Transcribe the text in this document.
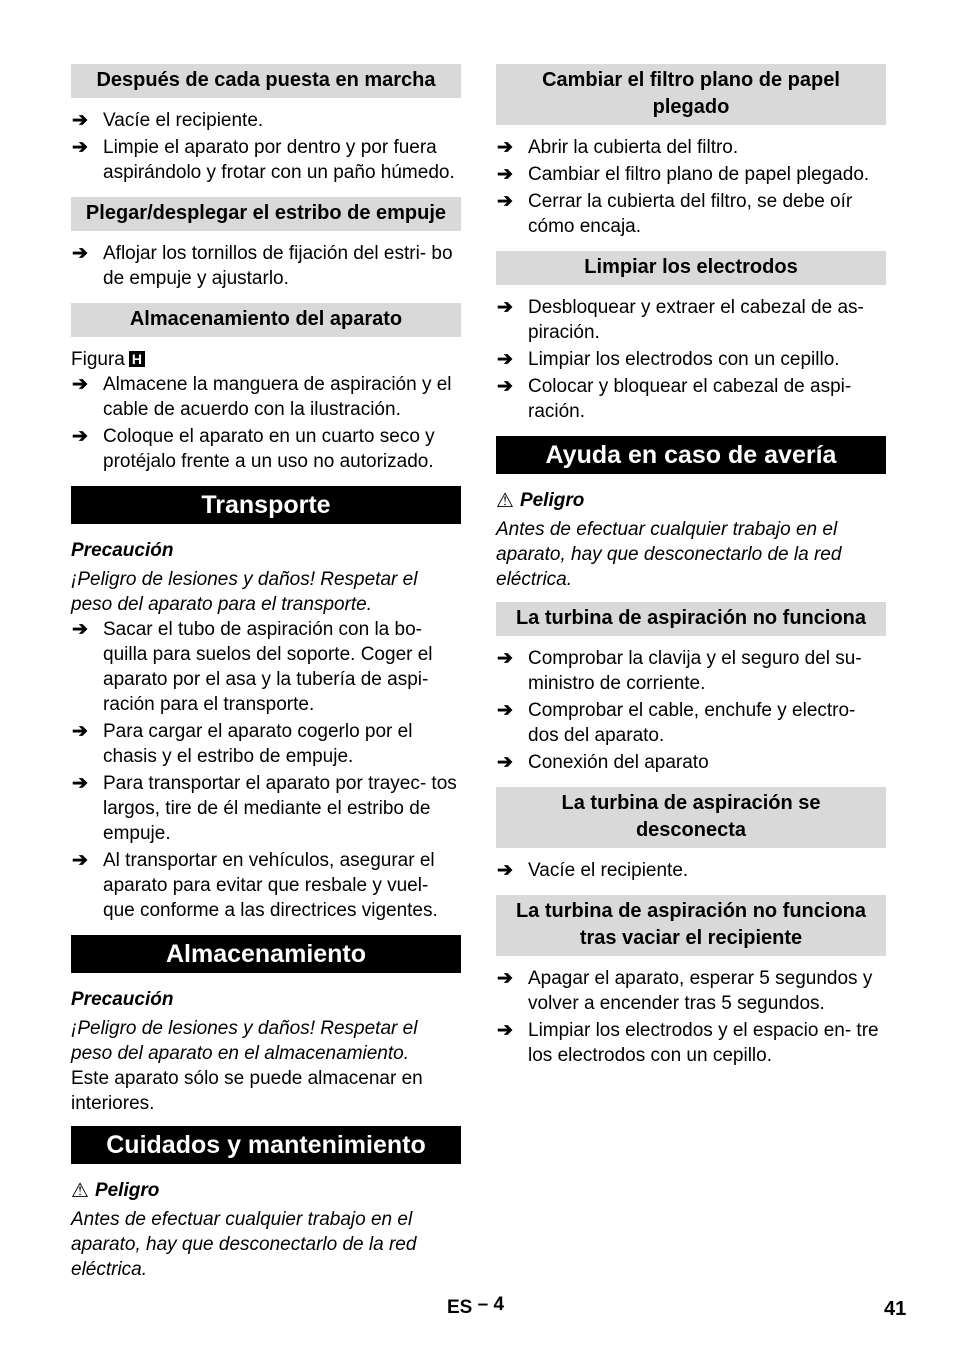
Después de cada puesta en marcha
➔ Vacíe el recipiente.
➔ Limpie el aparato por dentro y por fuera aspirándolo y frotar con un paño húmedo.
Plegar/desplegar el estribo de empuje
➔ Aflojar los tornillos de fijación del estri- bo de empuje y ajustarlo.
Almacenamiento del aparato

Figura H

➔ Almacene la manguera de aspiración y el cable de acuerdo con la ilustración.
➔ Coloque el aparato en un cuarto seco y protéjalo frente a un uso no autorizado.
Transporte

Precaución

¡Peligro de lesiones y daños! Respetar el peso del aparato para el transporte.

➔ Sacar el tubo de aspiración con la bo- quilla para suelos del soporte. Coger el aparato por el asa y la tubería de aspi- ración para el transporte.
➔ Para cargar el aparato cogerlo por el chasis y el estribo de empuje.
➔ Para transportar el aparato por trayec- tos largos, tire de él mediante el estribo de empuje.
➔ Al transportar en vehículos, asegurar el aparato para evitar que resbale y vuel- que conforme a las directrices vigentes.
Almacenamiento

Precaución

¡Peligro de lesiones y daños! Respetar el peso del aparato en el almacenamiento.

Este aparato sólo se puede almacenar en interiores.

Cuidados y mantenimiento

⚠ Peligro

Antes de efectuar cualquier trabajo en el aparato, hay que desconectarlo de la red eléctrica.

Cambiar el filtro plano de papel plegado
➔ Abrir la cubierta del filtro.
➔ Cambiar el filtro plano de papel plegado.
➔ Cerrar la cubierta del filtro, se debe oír cómo encaja.
Limpiar los electrodos
➔ Desbloquear y extraer el cabezal de as- piración.
➔ Limpiar los electrodos con un cepillo.
➔ Colocar y bloquear el cabezal de aspi- ración.
Ayuda en caso de avería

⚠ Peligro

Antes de efectuar cualquier trabajo en el aparato, hay que desconectarlo de la red eléctrica.

La turbina de aspiración no funciona
➔ Comprobar la clavija y el seguro del su- ministro de corriente.
➔ Comprobar el cable, enchufe y electro- dos del aparato.
➔ Conexión del aparato
La turbina de aspiración se desconecta
➔ Vacíe el recipiente.
La turbina de aspiración no funciona tras vaciar el recipiente
➔ Apagar el aparato, esperar 5 segundos y volver a encender tras 5 segundos.
➔ Limpiar los electrodos y el espacio en- tre los electrodos con un cepillo.
ES – 4	41
